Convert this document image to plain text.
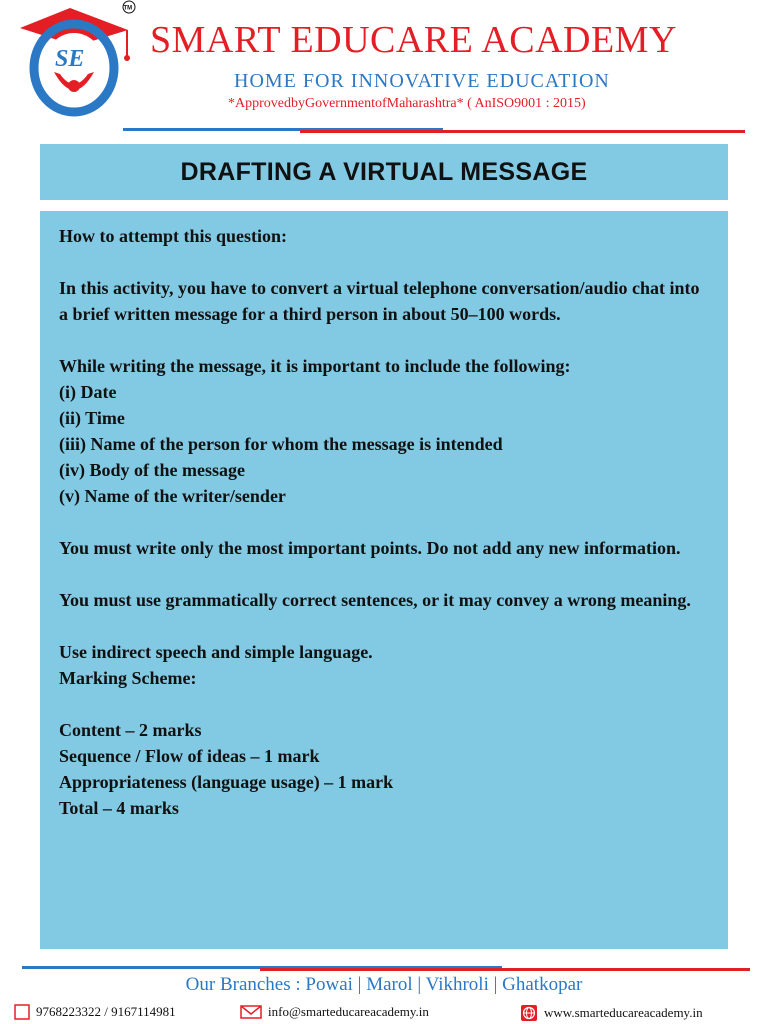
SE
TM
SMART EDUCARE ACADEMY

HOME FOR INNOVATIVE EDUCATION

*ApprovedbyGovernmentofMaharashtra* ( AnISO9001 : 2015)

DRAFTING A VIRTUAL MESSAGE

How to attempt this question:

In this activity, you have to convert a virtual telephone conversation/audio chat into a brief written message for a third person in about 50–100 words.

While writing the message, it is important to include the following:

(i) Date
(ii) Time
(iii) Name of the person for whom the message is intended
(iv) Body of the message
(v) Name of the writer/sender

You must write only the most important points. Do not add any new information.

You must use grammatically correct sentences, or it may convey a wrong meaning.

Use indirect speech and simple language.

Marking Scheme:

Content – 2 marks
Sequence / Flow of ideas – 1 mark
Appropriateness (language usage) – 1 mark
Total – 4 marks

Our Branches : Powai | Marol | Vikhroli | Ghatkopar

9768223322 / 9167114981	info@smarteducareacademy.in	www.smarteducareacademy.in
